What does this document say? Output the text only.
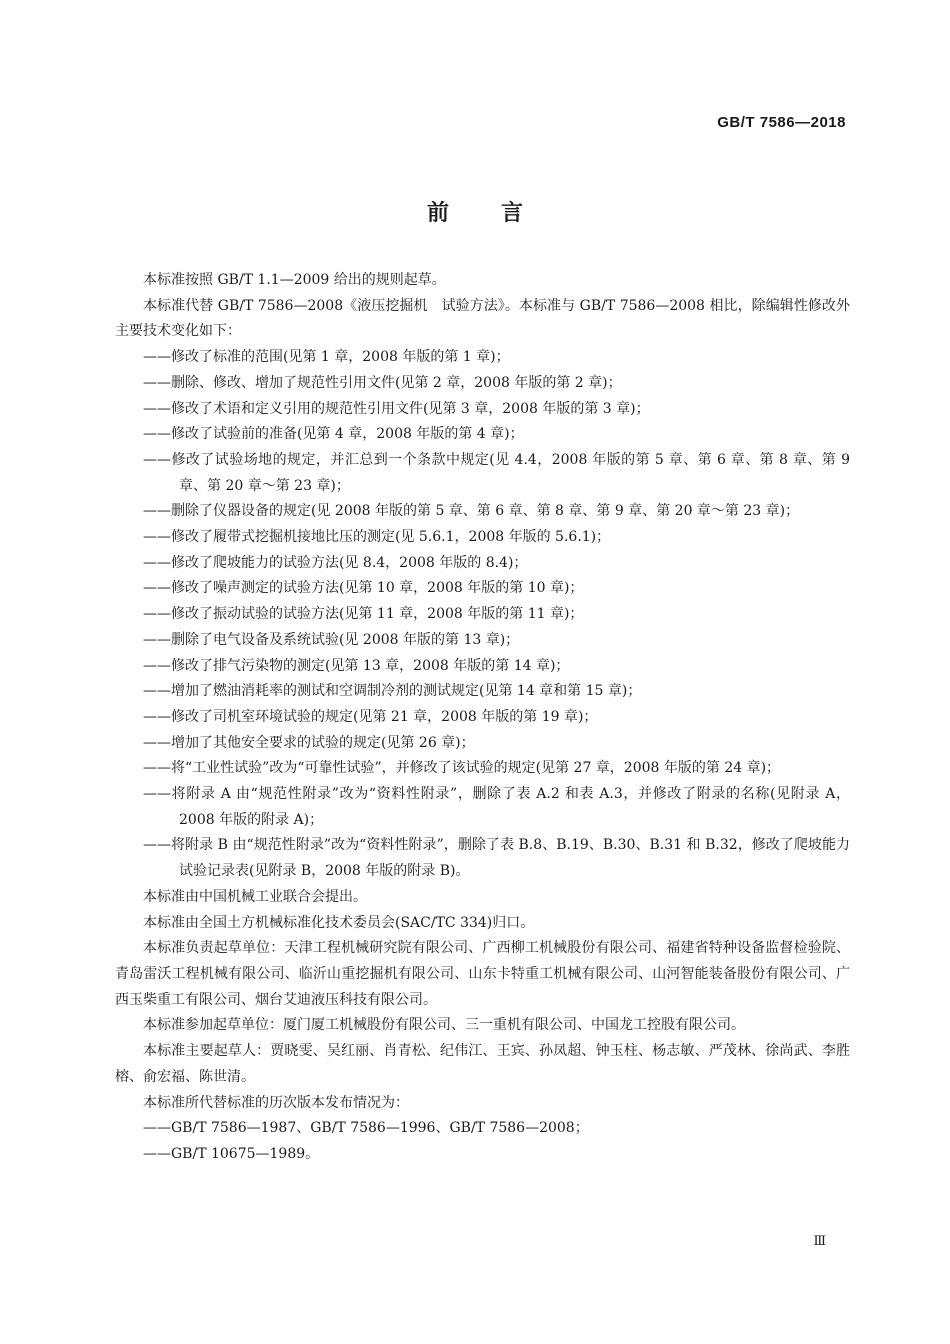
GB/T 7586—2018
前言

本标准按照 GB/T 1.1—2009 给出的规则起草。

本标准代替 GB/T 7586—2008《液压挖掘机　试验方法》。本标准与 GB/T 7586—2008 相比，除编辑性修改外主要技术变化如下：

——修改了标准的范围(见第 1 章，2008 年版的第 1 章)；

——删除、修改、增加了规范性引用文件(见第 2 章，2008 年版的第 2 章)；

——修改了术语和定义引用的规范性引用文件(见第 3 章，2008 年版的第 3 章)；

——修改了试验前的准备(见第 4 章，2008 年版的第 4 章)；

——修改了试验场地的规定，并汇总到一个条款中规定(见 4.4，2008 年版的第 5 章、第 6 章、第 8 章、第 9 章、第 20 章～第 23 章)；

——删除了仪器设备的规定(见 2008 年版的第 5 章、第 6 章、第 8 章、第 9 章、第 20 章～第 23 章)；

——修改了履带式挖掘机接地比压的测定(见 5.6.1，2008 年版的 5.6.1)；

——修改了爬坡能力的试验方法(见 8.4，2008 年版的 8.4)；

——修改了噪声测定的试验方法(见第 10 章，2008 年版的第 10 章)；

——修改了振动试验的试验方法(见第 11 章，2008 年版的第 11 章)；

——删除了电气设备及系统试验(见 2008 年版的第 13 章)；

——修改了排气污染物的测定(见第 13 章，2008 年版的第 14 章)；

——增加了燃油消耗率的测试和空调制冷剂的测试规定(见第 14 章和第 15 章)；

——修改了司机室环境试验的规定(见第 21 章，2008 年版的第 19 章)；

——增加了其他安全要求的试验的规定(见第 26 章)；

——将“工业性试验”改为“可靠性试验”，并修改了该试验的规定(见第 27 章，2008 年版的第 24 章)；

——将附录 A 由“规范性附录”改为“资料性附录”，删除了表 A.2 和表 A.3，并修改了附录的名称(见附录 A，2008 年版的附录 A)；

——将附录 B 由“规范性附录”改为“资料性附录”，删除了表 B.8、B.19、B.30、B.31 和 B.32，修改了爬坡能力试验记录表(见附录 B，2008 年版的附录 B)。

本标准由中国机械工业联合会提出。

本标准由全国土方机械标准化技术委员会(SAC/TC 334)归口。

本标准负责起草单位：天津工程机械研究院有限公司、广西柳工机械股份有限公司、福建省特种设备监督检验院、青岛雷沃工程机械有限公司、临沂山重挖掘机有限公司、山东卡特重工机械有限公司、山河智能装备股份有限公司、广西玉柴重工有限公司、烟台艾迪液压科技有限公司。

本标准参加起草单位：厦门厦工机械股份有限公司、三一重机有限公司、中国龙工控股有限公司。

本标准主要起草人：贾晓雯、吴红丽、肖青松、纪伟江、王宾、孙凤超、钟玉柱、杨志敏、严茂林、徐尚武、李胜榕、俞宏福、陈世清。

本标准所代替标准的历次版本发布情况为：

——GB/T 7586—1987、GB/T 7586—1996、GB/T 7586—2008；

——GB/T 10675—1989。

Ⅲ
